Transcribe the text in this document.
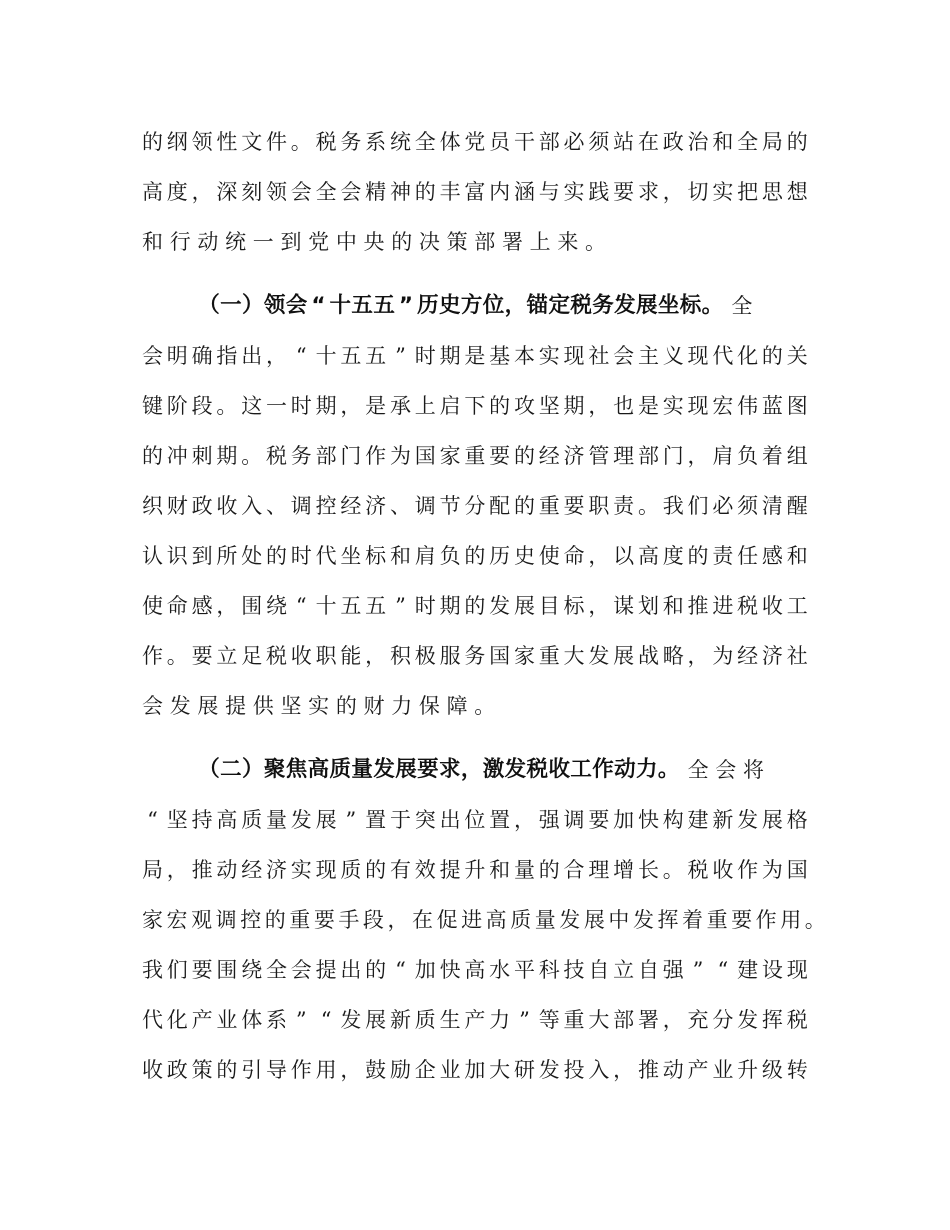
的 纲 领 性 文 件 。 税 务 系 统 全 体 党 员 干 部 必 须 站 在 政 治 和 全 局 的
高 度 ， 深 刻 领 会 全 会 精 神 的 丰 富 内 涵 与 实 践 要 求 ， 切 实 把 思 想
和 行 动 统 一 到 党 中 央 的 决 策 部 署 上 来 。
（ 一 ） 领 会 “ 十 五 五 ” 历 史 方 位 ， 锚 定 税 务 发 展 坐 标 。 全
会 明 确 指 出 ， “ 十 五 五 ” 时 期 是 基 本 实 现 社 会 主 义 现 代 化 的 关
键 阶 段 。 这 一 时 期 ， 是 承 上 启 下 的 攻 坚 期 ， 也 是 实 现 宏 伟 蓝 图
的 冲 刺 期 。 税 务 部 门 作 为 国 家 重 要 的 经 济 管 理 部 门 ， 肩 负 着 组
织 财 政 收 入 、 调 控 经 济 、 调 节 分 配 的 重 要 职 责 。 我 们 必 须 清 醒
认 识 到 所 处 的 时 代 坐 标 和 肩 负 的 历 史 使 命 ， 以 高 度 的 责 任 感 和
使 命 感 ， 围 绕 “ 十 五 五 ” 时 期 的 发 展 目 标 ， 谋 划 和 推 进 税 收 工
作 。 要 立 足 税 收 职 能 ， 积 极 服 务 国 家 重 大 发 展 战 略 ， 为 经 济 社
会 发 展 提 供 坚 实 的 财 力 保 障 。
（ 二 ） 聚 焦 高 质 量 发 展 要 求 ， 激 发 税 收 工 作 动 力 。 全 会 将
“ 坚 持 高 质 量 发 展 ” 置 于 突 出 位 置 ， 强 调 要 加 快 构 建 新 发 展 格
局 ， 推 动 经 济 实 现 质 的 有 效 提 升 和 量 的 合 理 增 长 。 税 收 作 为 国
家 宏 观 调 控 的 重 要 手 段 ， 在 促 进 高 质 量 发 展 中 发 挥 着 重 要 作 用 。
我 们 要 围 绕 全 会 提 出 的 “ 加 快 高 水 平 科 技 自 立 自 强 ” “ 建 设 现
代 化 产 业 体 系 ” “ 发 展 新 质 生 产 力 ” 等 重 大 部 署 ， 充 分 发 挥 税
收 政 策 的 引 导 作 用 ， 鼓 励 企 业 加 大 研 发 投 入 ， 推 动 产 业 升 级 转
